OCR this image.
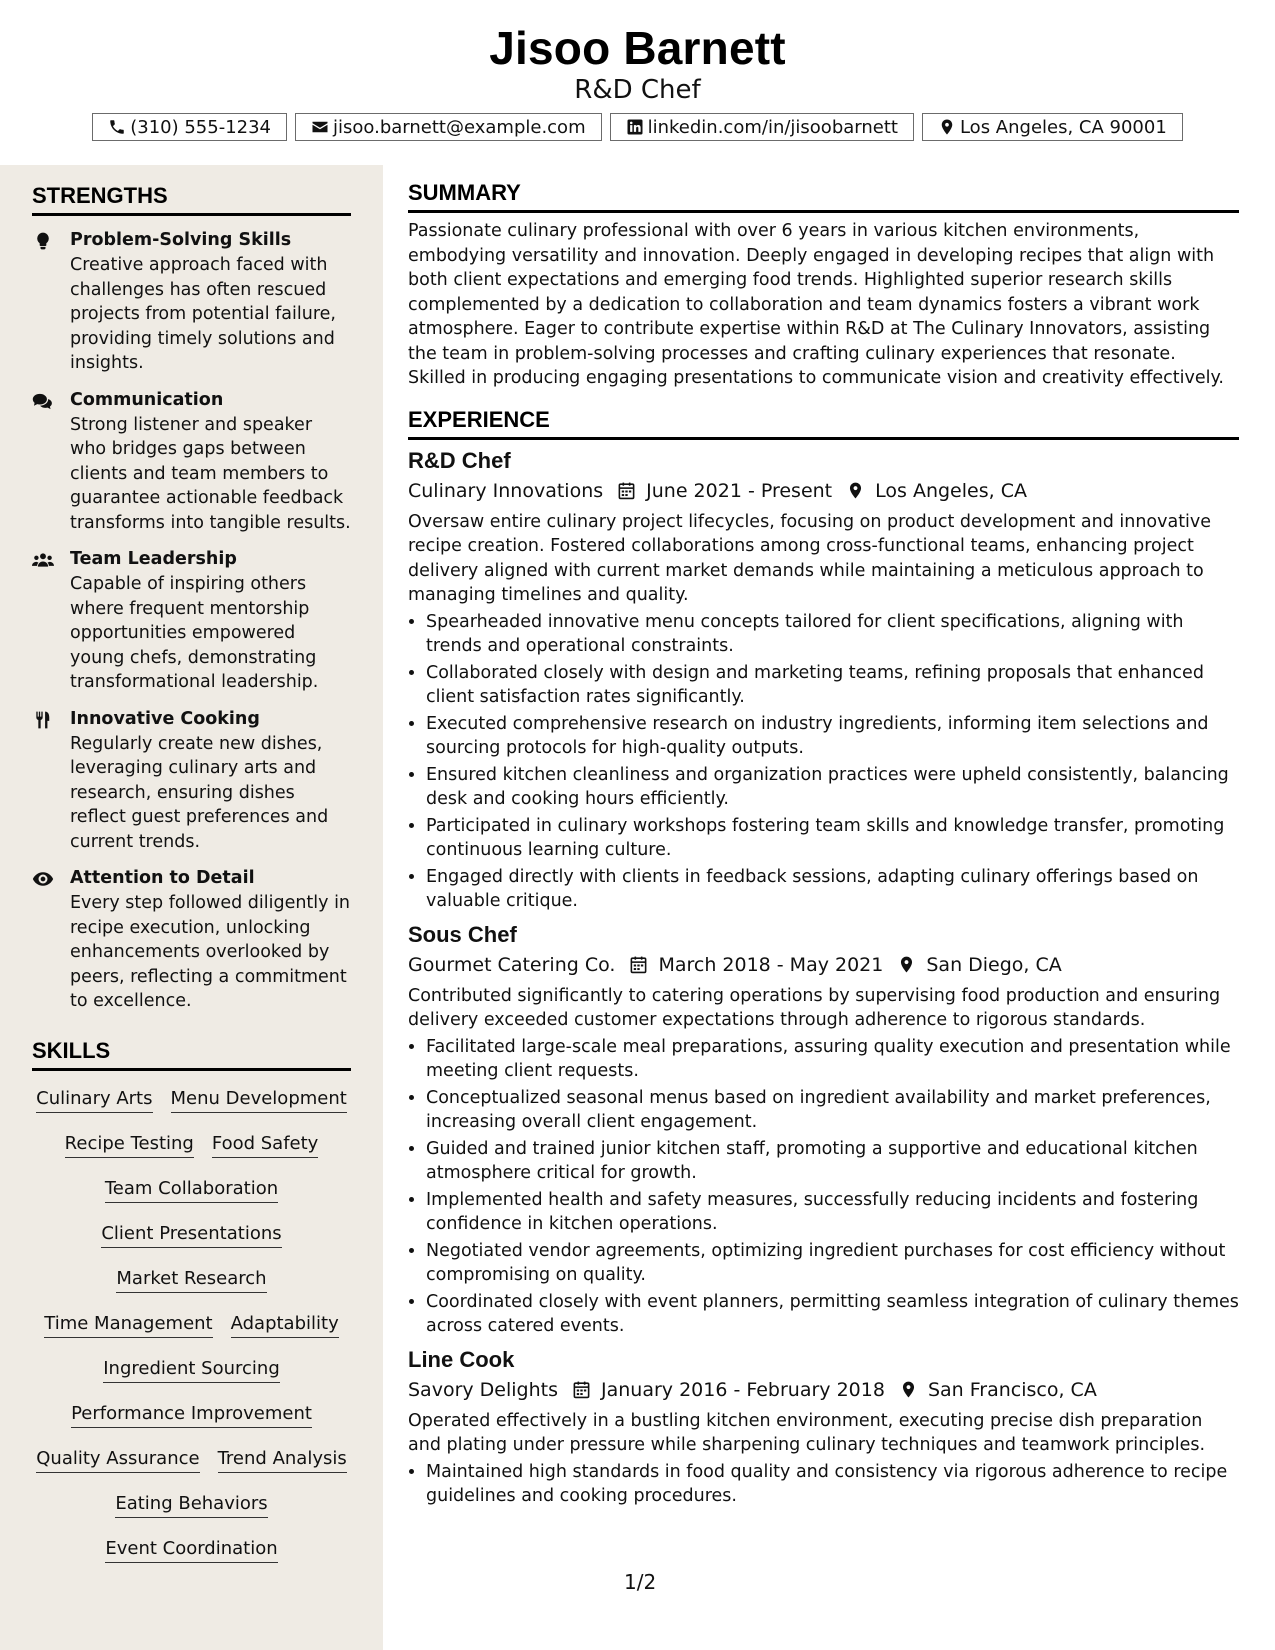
Jisoo Barnett
R&D Chef
(310) 555-1234	jisoo.barnett@example.com	linkedin.com/in/jisoobarnett	Los Angeles, CA 90001
STRENGTHS
Problem-Solving Skills
Creative approach faced with challenges has often rescued projects from potential failure, providing timely solutions and insights.
Communication
Strong listener and speaker who bridges gaps between clients and team members to guarantee actionable feedback transforms into tangible results.
Team Leadership
Capable of inspiring others where frequent mentorship opportunities empowered young chefs, demonstrating transformational leadership.
Innovative Cooking
Regularly create new dishes, leveraging culinary arts and research, ensuring dishes reflect guest preferences and current trends.
Attention to Detail
Every step followed diligently in recipe execution, unlocking enhancements overlooked by peers, reflecting a commitment to excellence.
SKILLS
Culinary Arts Menu Development
Recipe Testing Food Safety
Team Collaboration
Client Presentations
Market Research
Time Management Adaptability
Ingredient Sourcing
Performance Improvement
Quality Assurance Trend Analysis
Eating Behaviors
Event Coordination
SUMMARY
Passionate culinary professional with over 6 years in various kitchen environments, embodying versatility and innovation. Deeply engaged in developing recipes that align with both client expectations and emerging food trends. Highlighted superior research skills complemented by a dedication to collaboration and team dynamics fosters a vibrant work atmosphere. Eager to contribute expertise within R&D at The Culinary Innovators, assisting the team in problem-solving processes and crafting culinary experiences that resonate. Skilled in producing engaging presentations to communicate vision and creativity effectively.
EXPERIENCE
R&D Chef
Culinary Innovations June 2021 - Present Los Angeles, CA
Oversaw entire culinary project lifecycles, focusing on product development and innovative recipe creation. Fostered collaborations among cross-functional teams, enhancing project delivery aligned with current market demands while maintaining a meticulous approach to managing timelines and quality.
• Spearheaded innovative menu concepts tailored for client specifications, aligning with trends and operational constraints.
• Collaborated closely with design and marketing teams, refining proposals that enhanced client satisfaction rates significantly.
• Executed comprehensive research on industry ingredients, informing item selections and sourcing protocols for high-quality outputs.
• Ensured kitchen cleanliness and organization practices were upheld consistently, balancing desk and cooking hours efficiently.
• Participated in culinary workshops fostering team skills and knowledge transfer, promoting continuous learning culture.
• Engaged directly with clients in feedback sessions, adapting culinary offerings based on valuable critique.
Sous Chef
Gourmet Catering Co. March 2018 - May 2021 San Diego, CA
Contributed significantly to catering operations by supervising food production and ensuring delivery exceeded customer expectations through adherence to rigorous standards.
• Facilitated large-scale meal preparations, assuring quality execution and presentation while meeting client requests.
• Conceptualized seasonal menus based on ingredient availability and market preferences, increasing overall client engagement.
• Guided and trained junior kitchen staff, promoting a supportive and educational kitchen atmosphere critical for growth.
• Implemented health and safety measures, successfully reducing incidents and fostering confidence in kitchen operations.
• Negotiated vendor agreements, optimizing ingredient purchases for cost efficiency without compromising on quality.
• Coordinated closely with event planners, permitting seamless integration of culinary themes across catered events.
Line Cook
Savory Delights January 2016 - February 2018 San Francisco, CA
Operated effectively in a bustling kitchen environment, executing precise dish preparation and plating under pressure while sharpening culinary techniques and teamwork principles.
• Maintained high standards in food quality and consistency via rigorous adherence to recipe guidelines and cooking procedures.
1/2
